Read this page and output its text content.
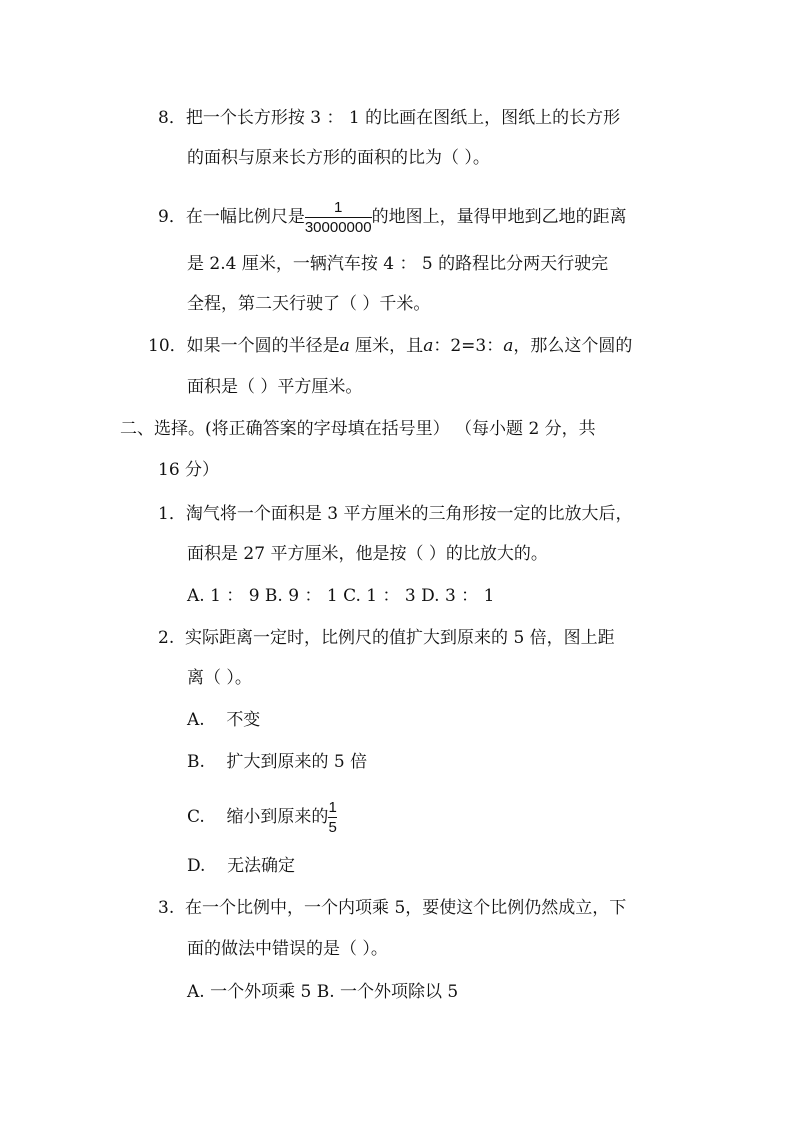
8．把一个长方形按 3 ： 1 的比画在图纸上，图纸上的长方形
的面积与原来长方形的面积的比为（ ）。
9．在一幅比例尺是 $\frac{1}{30000000}$ 的地图上，量得甲地到乙地的距离
是 2.4 厘米，一辆汽车按 4 ： 5 的路程比分两天行驶完
全程，第二天行驶了（ ）千米。
10．如果一个圆的半径是a 厘米，且a：2=3：a，那么这个圆的
面积是（ ）平方厘米。
二、选择。(将正确答案的字母填在括号里） （每小题 2 分，共
16 分）
1．淘气将一个面积是 3 平方厘米的三角形按一定的比放大后，
面积是 27 平方厘米，他是按（ ）的比放大的。
A. 1 ： 9 B. 9 ： 1 C. 1 ： 3 D. 3 ： 1
2. 实际距离一定时，比例尺的值扩大到原来的 5 倍，图上距
离（ ）。
A. 不变
B. 扩大到原来的 5 倍
C. 缩小到原来的 $\frac{1}{5}$
D. 无法确定
3. 在一个比例中，一个内项乘 5，要使这个比例仍然成立，下
面的做法中错误的是（ ）。
A. 一个外项乘 5 B. 一个外项除以 5
